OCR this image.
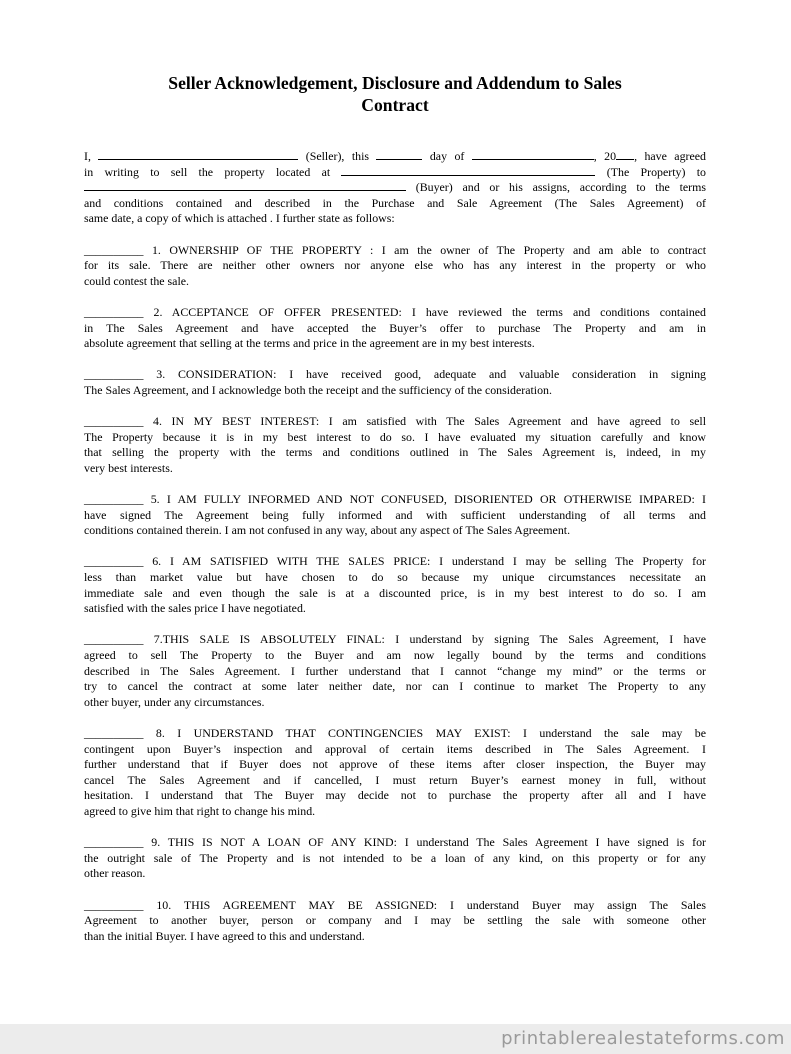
Seller Acknowledgement, Disclosure and Addendum to Sales
Contract
I,	(Seller), this	day of	, 20 , have agreed
in writing to sell the property located at	(The Property) to
(Buyer) and or his assigns, according to the terms
and conditions contained and described in the Purchase and Sale Agreement (The Sales Agreement) of
same date, a copy of which is attached . I further state as follows:
__________ 1. OWNERSHIP OF THE PROPERTY : I am the owner of The Property and am able to contract
for its sale. There are neither other owners nor anyone else who has any interest in the property or who
could contest the sale.
__________ 2. ACCEPTANCE OF OFFER PRESENTED: I have reviewed the terms and conditions contained
in The Sales Agreement and have accepted the Buyer’s offer to purchase The Property and am in
absolute agreement that selling at the terms and price in the agreement are in my best interests.
__________ 3. CONSIDERATION: I have received good, adequate and valuable consideration in signing
The Sales Agreement, and I acknowledge both the receipt and the sufficiency of the consideration.
__________ 4. IN MY BEST INTEREST: I am satisfied with The Sales Agreement and have agreed to sell
The Property because it is in my best interest to do so. I have evaluated my situation carefully and know
that selling the property with the terms and conditions outlined in The Sales Agreement is, indeed, in my
very best interests.
__________ 5. I AM FULLY INFORMED AND NOT CONFUSED, DISORIENTED OR OTHERWISE IMPARED: I
have signed The Agreement being fully informed and with sufficient understanding of all terms and
conditions contained therein. I am not confused in any way, about any aspect of The Sales Agreement.
__________ 6. I AM SATISFIED WITH THE SALES PRICE: I understand I may be selling The Property for
less than market value but have chosen to do so because my unique circumstances necessitate an
immediate sale and even though the sale is at a discounted price, is in my best interest to do so. I am
satisfied with the sales price I have negotiated.
__________ 7.THIS SALE IS ABSOLUTELY FINAL: I understand by signing The Sales Agreement, I have
agreed to sell The Property to the Buyer and am now legally bound by the terms and conditions
described in The Sales Agreement. I further understand that I cannot “change my mind” or the terms or
try to cancel the contract at some later neither date, nor can I continue to market The Property to any
other buyer, under any circumstances.
__________ 8. I UNDERSTAND THAT CONTINGENCIES MAY EXIST: I understand the sale may be
contingent upon Buyer’s inspection and approval of certain items described in The Sales Agreement. I
further understand that if Buyer does not approve of these items after closer inspection, the Buyer may
cancel The Sales Agreement and if cancelled, I must return Buyer’s earnest money in full, without
hesitation. I understand that The Buyer may decide not to purchase the property after all and I have
agreed to give him that right to change his mind.
__________ 9. THIS IS NOT A LOAN OF ANY KIND: I understand The Sales Agreement I have signed is for
the outright sale of The Property and is not intended to be a loan of any kind, on this property or for any
other reason.
__________ 10. THIS AGREEMENT MAY BE ASSIGNED: I understand Buyer may assign The Sales
Agreement to another buyer, person or company and I may be settling the sale with someone other
than the initial Buyer. I have agreed to this and understand.
printablerealestateforms.com
